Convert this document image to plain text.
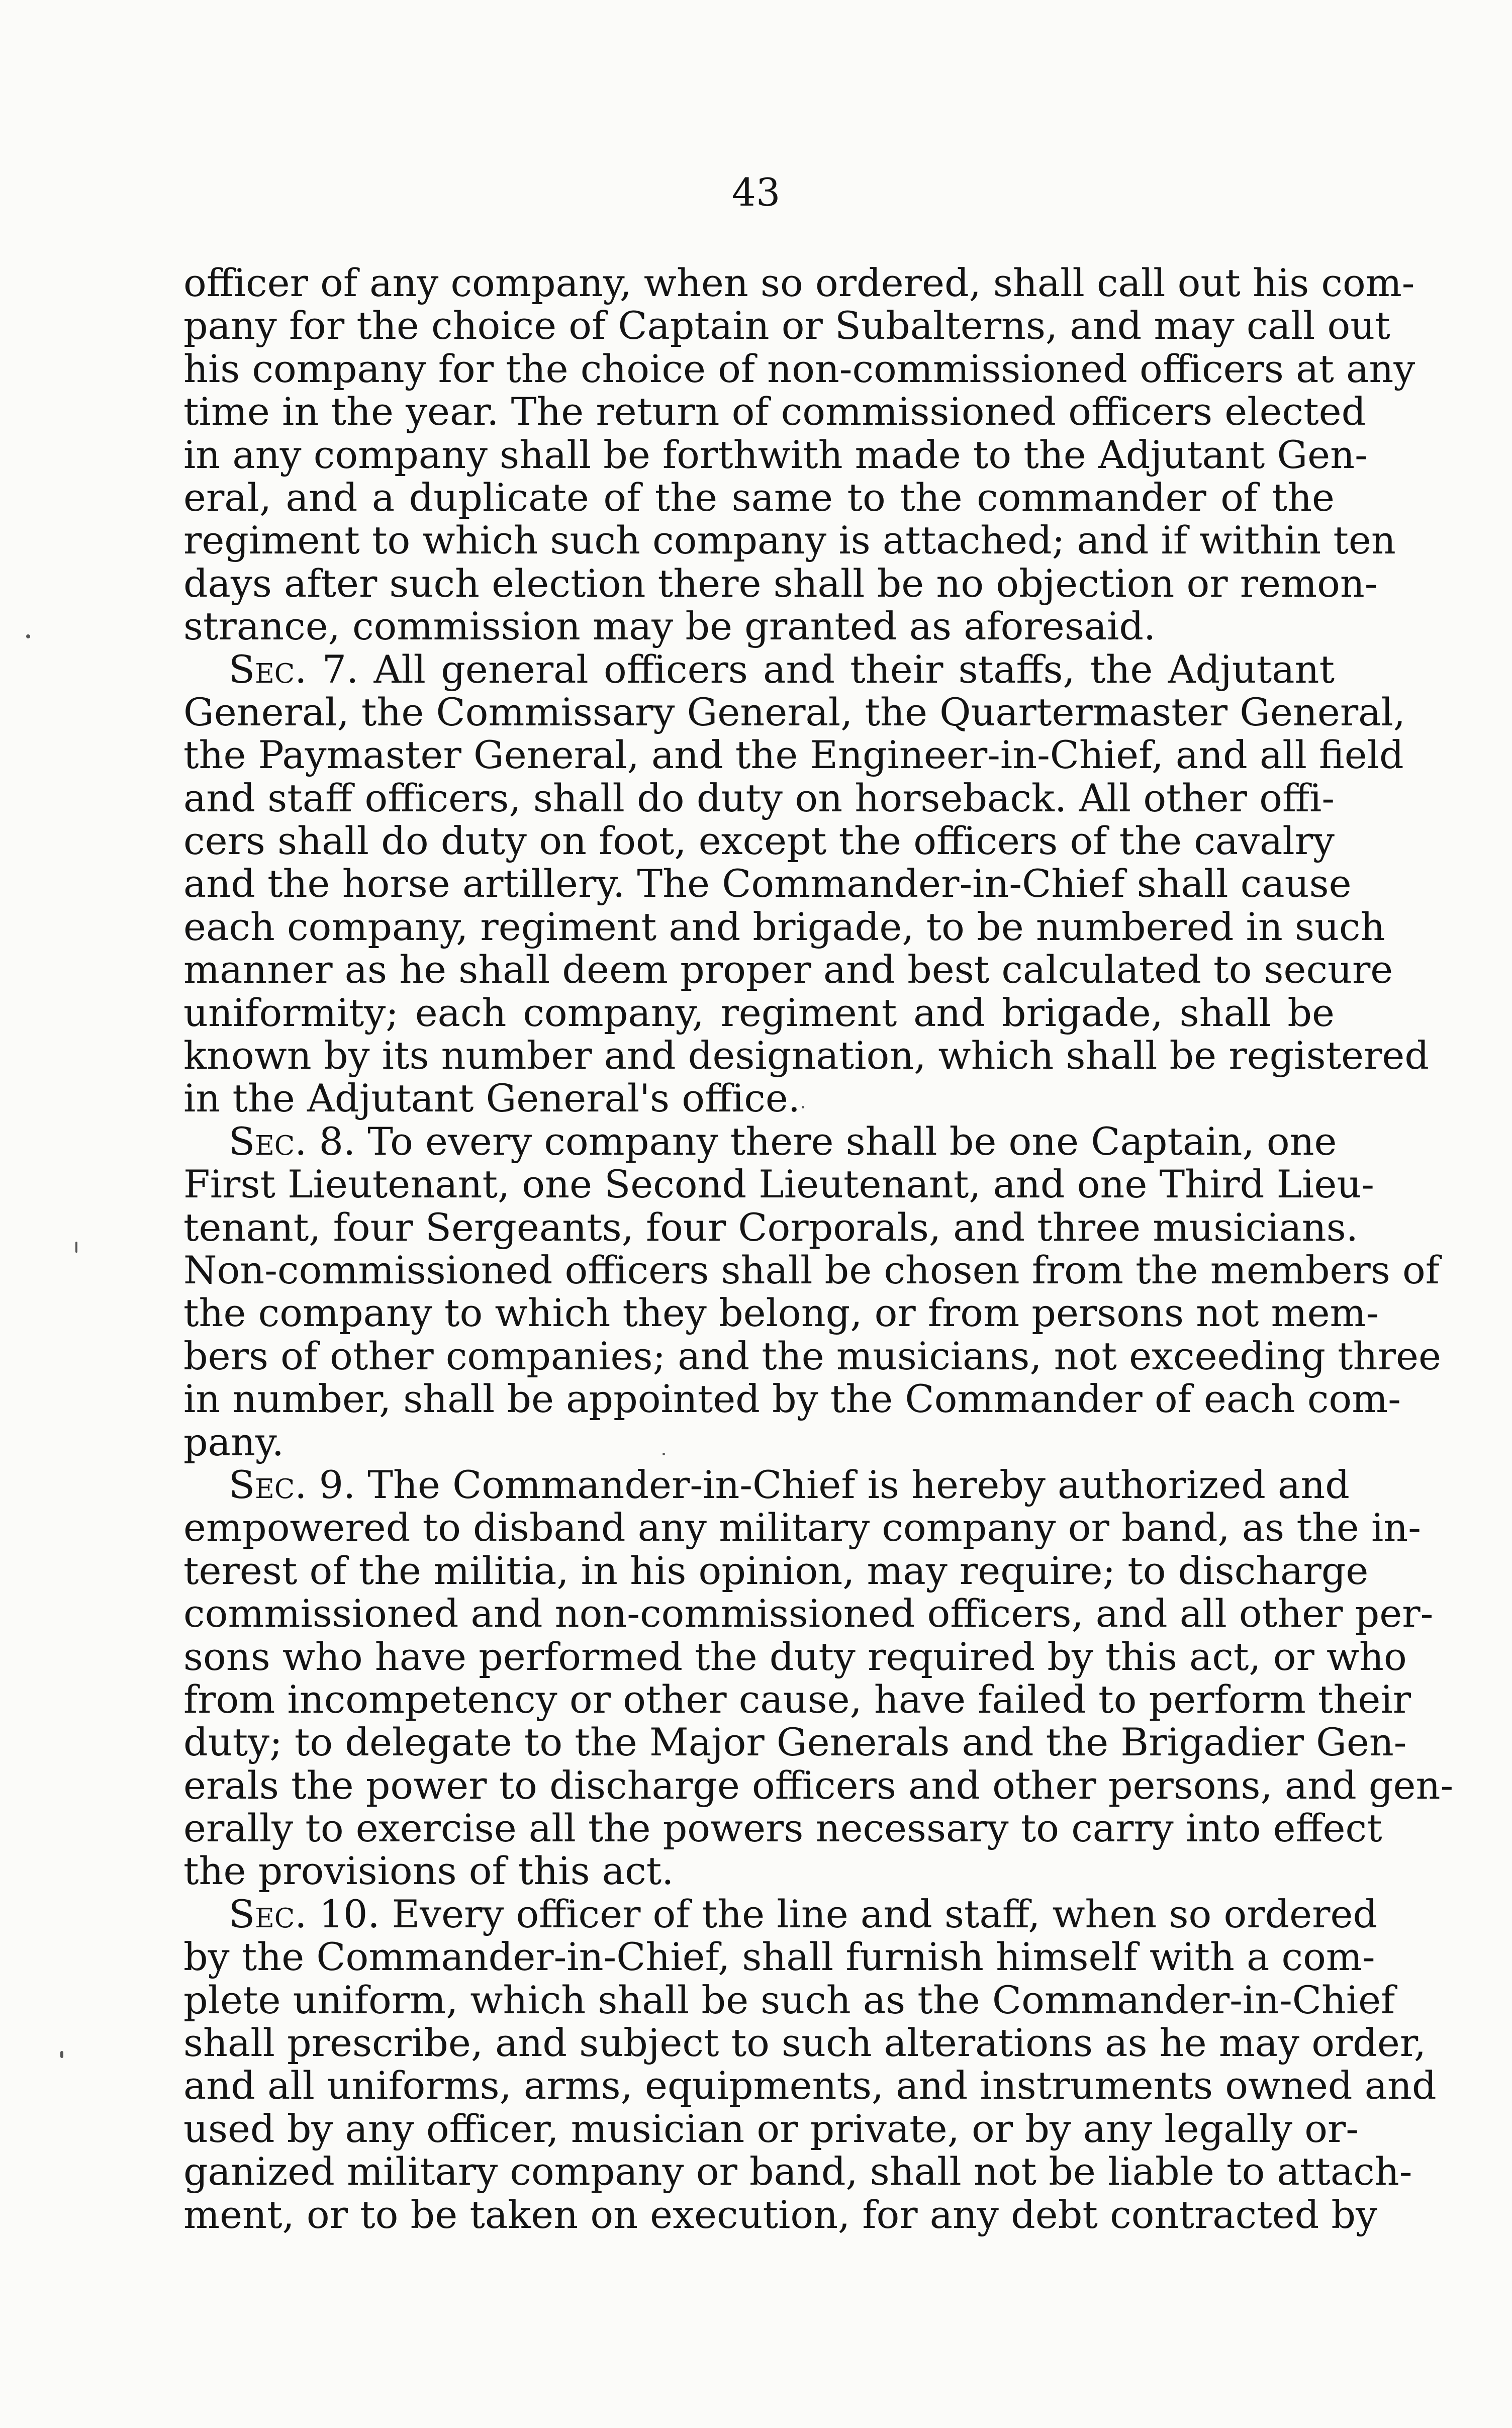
43
officer of any company, when so ordered, shall call out his com-
pany for the choice of Captain or Subalterns, and may call out
his company for the choice of non-commissioned officers at any
time in the year. The return of commissioned officers elected
in any company shall be forthwith made to the Adjutant Gen-
eral, and a duplicate of the same to the commander of the
regiment to which such company is attached; and if within ten
days after such election there shall be no objection or remon-
strance, commission may be granted as aforesaid.
Sec. 7. All general officers and their staffs, the Adjutant
General, the Commissary General, the Quartermaster General,
the Paymaster General, and the Engineer-in-Chief, and all field
and staff officers, shall do duty on horseback. All other offi-
cers shall do duty on foot, except the officers of the cavalry
and the horse artillery. The Commander-in-Chief shall cause
each company, regiment and brigade, to be numbered in such
manner as he shall deem proper and best calculated to secure
uniformity; each company, regiment and brigade, shall be
known by its number and designation, which shall be registered
in the Adjutant General's office.
Sec. 8. To every company there shall be one Captain, one
First Lieutenant, one Second Lieutenant, and one Third Lieu-
tenant, four Sergeants, four Corporals, and three musicians.
Non-commissioned officers shall be chosen from the members of
the company to which they belong, or from persons not mem-
bers of other companies; and the musicians, not exceeding three
in number, shall be appointed by the Commander of each com-
pany.
Sec. 9. The Commander-in-Chief is hereby authorized and
empowered to disband any military company or band, as the in-
terest of the militia, in his opinion, may require; to discharge
commissioned and non-commissioned officers, and all other per-
sons who have performed the duty required by this act, or who
from incompetency or other cause, have failed to perform their
duty; to delegate to the Major Generals and the Brigadier Gen-
erals the power to discharge officers and other persons, and gen-
erally to exercise all the powers necessary to carry into effect
the provisions of this act.
Sec. 10. Every officer of the line and staff, when so ordered
by the Commander-in-Chief, shall furnish himself with a com-
plete uniform, which shall be such as the Commander-in-Chief
shall prescribe, and subject to such alterations as he may order,
and all uniforms, arms, equipments, and instruments owned and
used by any officer, musician or private, or by any legally or-
ganized military company or band, shall not be liable to attach-
ment, or to be taken on execution, for any debt contracted by
